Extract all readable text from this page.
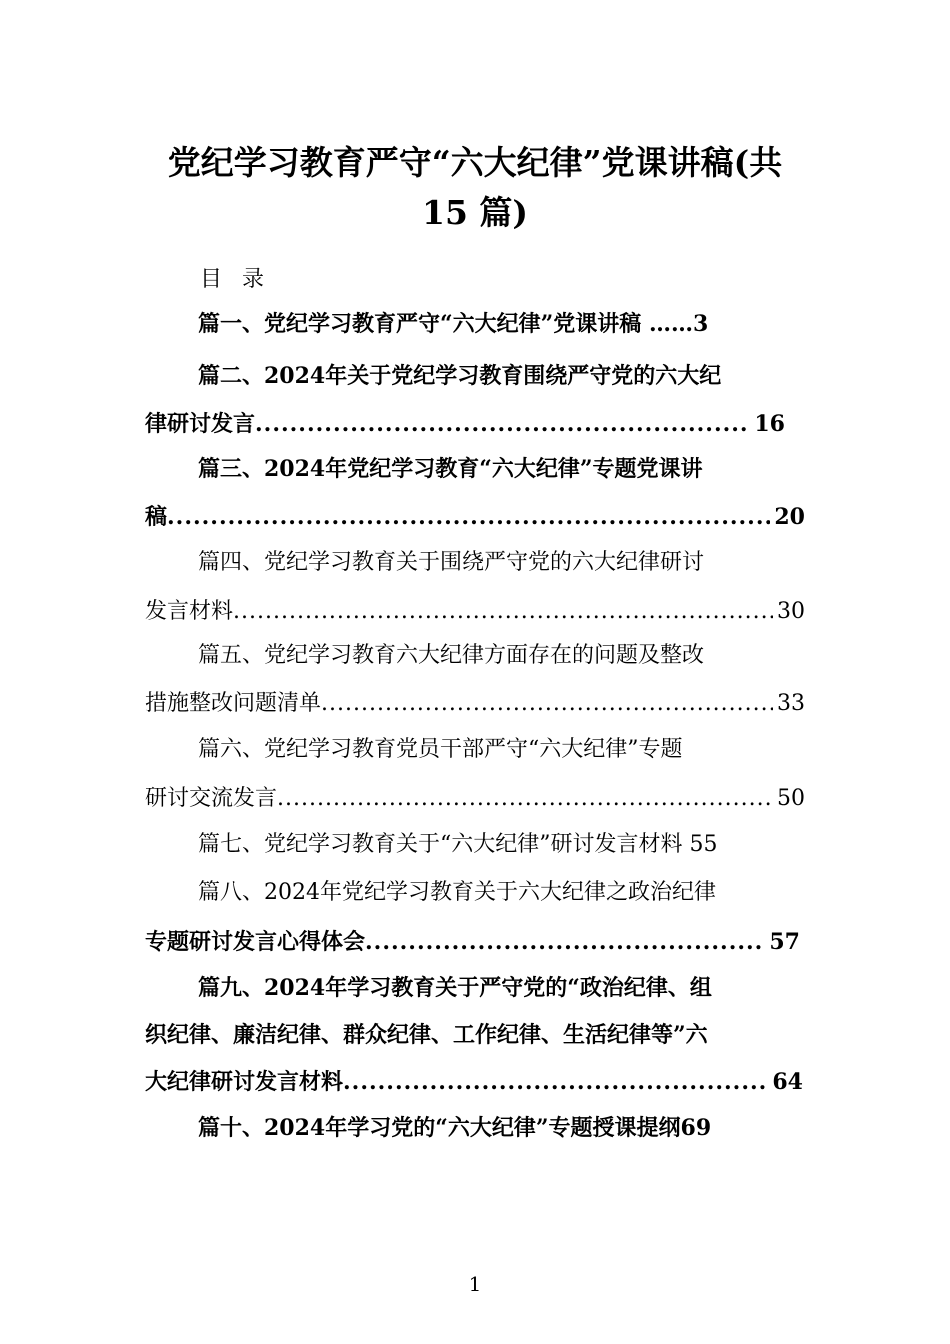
党纪学习教育严守“六大纪律”党课讲稿(共
15 篇)
目录
篇一、党纪学习教育严守“六大纪律”党课讲稿 ……3
篇二、2024年关于党纪学习教育围绕严守党的六大纪
律研讨发言 .....	16
篇三、2024年党纪学习教育“六大纪律”专题党课讲
稿 .....	20
篇四、党纪学习教育关于围绕严守党的六大纪律研讨
发言材料 .....	30
篇五、党纪学习教育六大纪律方面存在的问题及整改
措施整改问题清单 .....	33
篇六、党纪学习教育党员干部严守“六大纪律”专题
研讨交流发言 .....	50
篇七、党纪学习教育关于“六大纪律”研讨发言材料 55
篇八、2024年党纪学习教育关于六大纪律之政治纪律
专题研讨发言心得体会 .....	57
篇九、2024年学习教育关于严守党的“政治纪律、组
织纪律、廉洁纪律、群众纪律、工作纪律、生活纪律等”六
大纪律研讨发言材料 .....	64
篇十、2024年学习党的“六大纪律”专题授课提纲69
1
